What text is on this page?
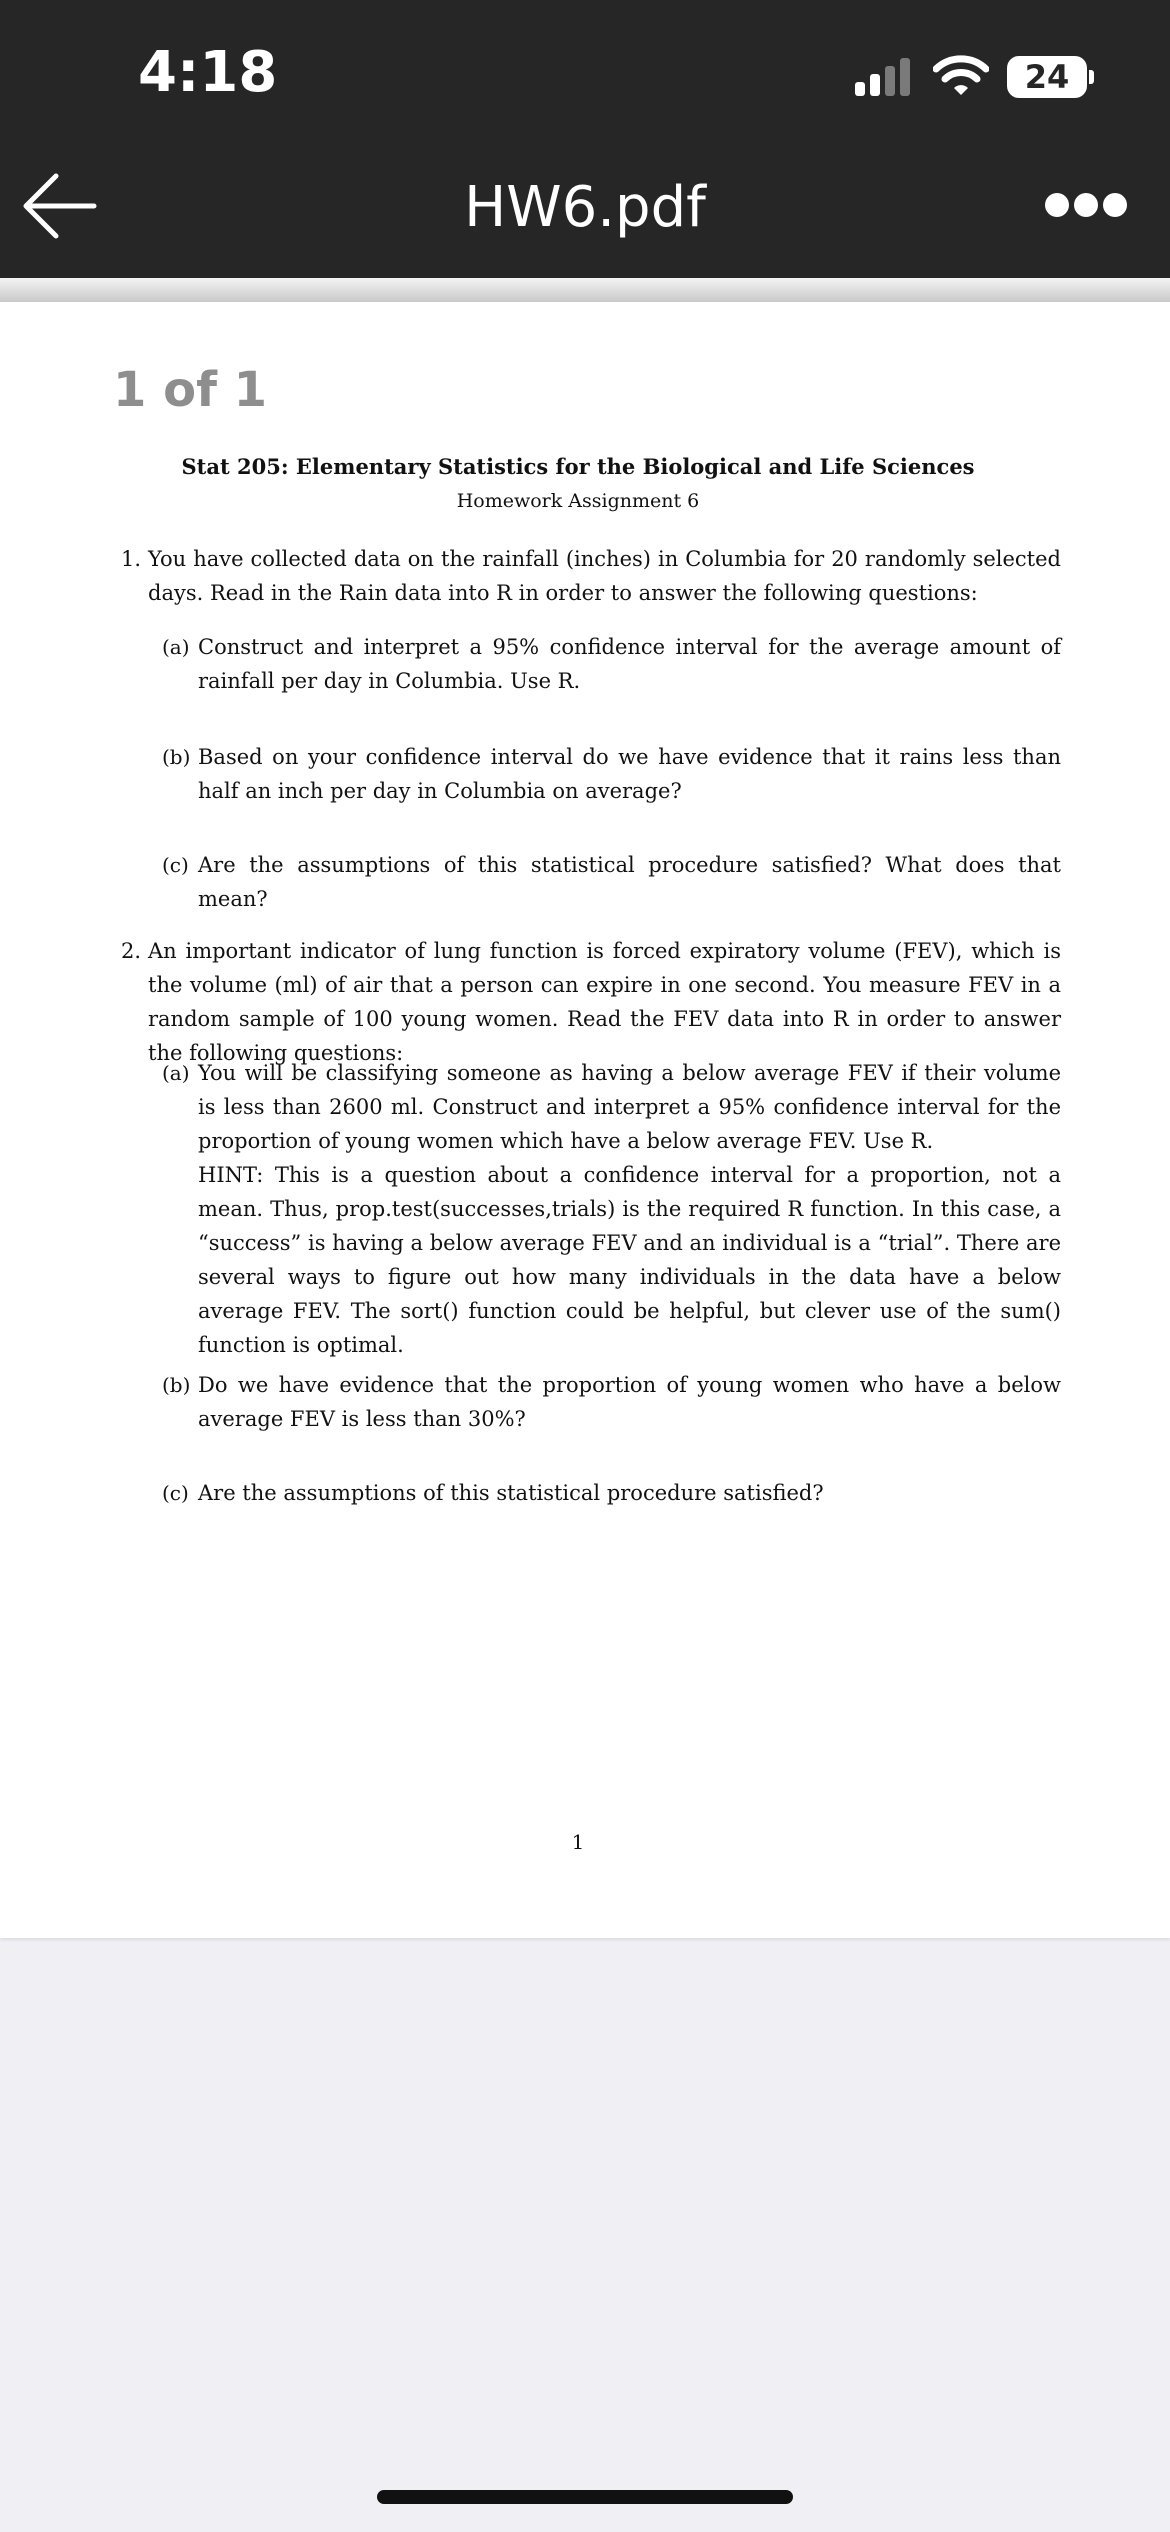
4:18	24
HW6.pdf
1 of 1
Stat 205: Elementary Statistics for the Biological and Life Sciences
Homework Assignment 6
1. You have collected data on the rainfall (inches) in Columbia for 20 randomly selected days. Read in the Rain data into R in order to answer the following questions:
(a) Construct and interpret a 95% confidence interval for the average amount of rainfall per day in Columbia. Use R.
(b) Based on your confidence interval do we have evidence that it rains less than half an inch per day in Columbia on average?
(c) Are the assumptions of this statistical procedure satisfied? What does that mean?
2. An important indicator of lung function is forced expiratory volume (FEV), which is the volume (ml) of air that a person can expire in one second. You measure FEV in a random sample of 100 young women. Read the FEV data into R in order to answer the following questions:
(a) You will be classifying someone as having a below average FEV if their volume is less than 2600 ml. Construct and interpret a 95% confidence interval for the proportion of young women which have a below average FEV. Use R.
HINT: This is a question about a confidence interval for a proportion, not a mean. Thus, prop.test(successes,trials) is the required R function. In this case, a “success” is having a below average FEV and an individual is a “trial”. There are several ways to figure out how many individuals in the data have a below average FEV. The sort() function could be helpful, but clever use of the sum() function is optimal.
(b) Do we have evidence that the proportion of young women who have a below average FEV is less than 30%?
(c) Are the assumptions of this statistical procedure satisfied?
1
